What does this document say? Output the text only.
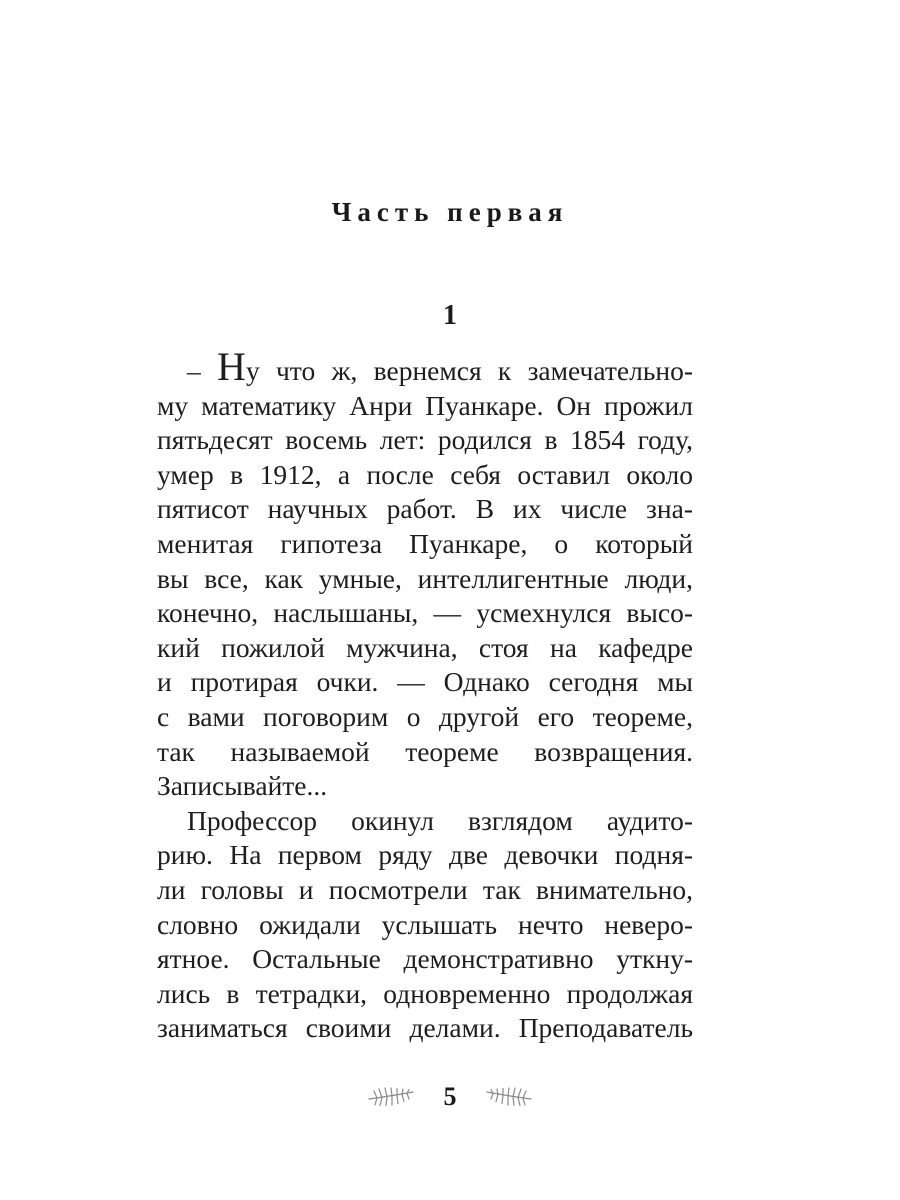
Часть первая
1
– Ну что ж, вернемся к замечательно-
му математику Анри Пуанкаре. Он прожил
пятьдесят восемь лет: родился в 1854 году,
умер в 1912, а после себя оставил около
пятисот научных работ. В их числе зна-
менитая гипотеза Пуанкаре, о который
вы все, как умные, интеллигентные люди,
конечно, наслышаны, — усмехнулся высо-
кий пожилой мужчина, стоя на кафедре
и протирая очки. — Однако сегодня мы
с вами поговорим о другой его теореме,
так называемой теореме возвращения.
Записывайте...
Профессор окинул взглядом аудито-
рию. На первом ряду две девочки подня-
ли головы и посмотрели так внимательно,
словно ожидали услышать нечто неверо-
ятное. Остальные демонстративно уткну-
лись в тетрадки, одновременно продолжая
заниматься своими делами. Преподаватель
5
